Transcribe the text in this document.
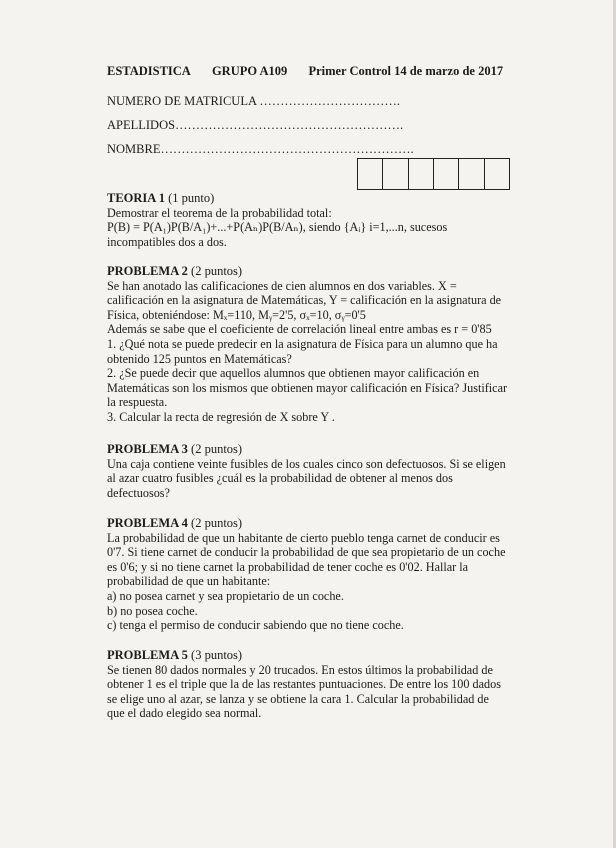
ESTADISTICA GRUPO A109 Primer Control 14 de marzo de 2017
NUMERO DE MATRICULA …………………………….
APELLIDOS……………………………………………….
NOMBRE…………………………………………………….
TEORIA 1 (1 punto)
Demostrar el teorema de la probabilidad total:
P(B) = P(A₁)P(B/A₁)+...+P(Aₙ)P(B/Aₙ), siendo {Aᵢ} i=1,...n, sucesos
incompatibles dos a dos.
PROBLEMA 2 (2 puntos)
Se han anotado las calificaciones de cien alumnos en dos variables. X =
calificación en la asignatura de Matemáticas, Y = calificación en la asignatura de
Física, obteniéndose: Mₓ=110, Mᵧ=2'5, σₓ=10, σᵧ=0'5
Además se sabe que el coeficiente de correlación lineal entre ambas es r = 0'85
1. ¿Qué nota se puede predecir en la asignatura de Física para un alumno que ha
obtenido 125 puntos en Matemáticas?
2. ¿Se puede decir que aquellos alumnos que obtienen mayor calificación en
Matemáticas son los mismos que obtienen mayor calificación en Física? Justificar
la respuesta.
3. Calcular la recta de regresión de X sobre Y .
PROBLEMA 3 (2 puntos)
Una caja contiene veinte fusibles de los cuales cinco son defectuosos. Si se eligen
al azar cuatro fusibles ¿cuál es la probabilidad de obtener al menos dos
defectuosos?
PROBLEMA 4 (2 puntos)
La probabilidad de que un habitante de cierto pueblo tenga carnet de conducir es
0'7. Si tiene carnet de conducir la probabilidad de que sea propietario de un coche
es 0'6; y si no tiene carnet la probabilidad de tener coche es 0'02. Hallar la
probabilidad de que un habitante:
a) no posea carnet y sea propietario de un coche.
b) no posea coche.
c) tenga el permiso de conducir sabiendo que no tiene coche.
PROBLEMA 5 (3 puntos)
Se tienen 80 dados normales y 20 trucados. En estos últimos la probabilidad de
obtener 1 es el triple que la de las restantes puntuaciones. De entre los 100 dados
se elige uno al azar, se lanza y se obtiene la cara 1. Calcular la probabilidad de
que el dado elegido sea normal.
